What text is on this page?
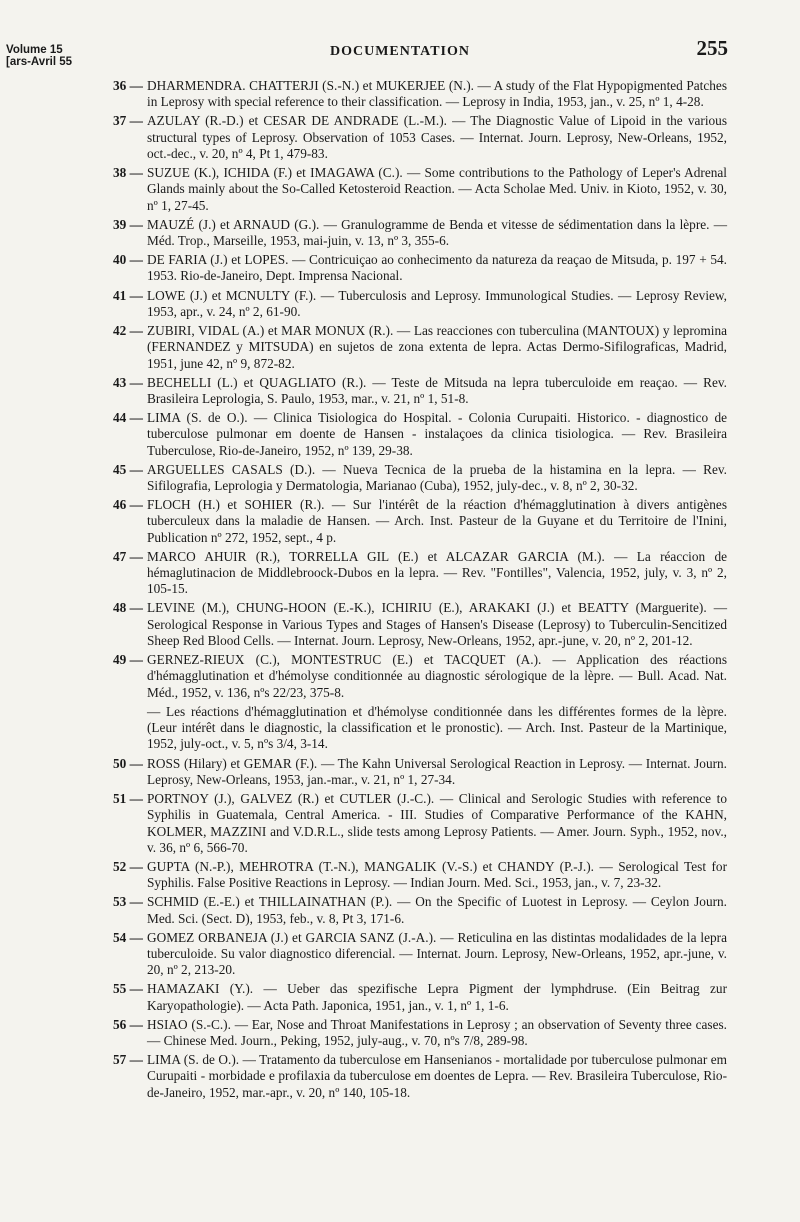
Volume 15
[ars-Avril 55
DOCUMENTATION	255
36 — DHARMENDRA. CHATTERJI (S.-N.) et MUKERJEE (N.). — A study of the Flat Hypopigmented Patches in Leprosy with special reference to their classification. — Leprosy in India, 1953, jan., v. 25, nº 1, 4-28.
37 — AZULAY (R.-D.) et CESAR DE ANDRADE (L.-M.). — The Diagnostic Value of Lipoid in the various structural types of Leprosy. Observation of 1053 Cases. — Internat. Journ. Leprosy, New-Orleans, 1952, oct.-dec., v. 20, nº 4, Pt 1, 479-83.
38 — SUZUE (K.), ICHIDA (F.) et IMAGAWA (C.). — Some contributions to the Pathology of Leper's Adrenal Glands mainly about the So-Called Ketosteroid Reaction. — Acta Scholae Med. Univ. in Kioto, 1952, v. 30, nº 1, 27-45.
39 — MAUZÉ (J.) et ARNAUD (G.). — Granulogramme de Benda et vitesse de sédimentation dans la lèpre. — Méd. Trop., Marseille, 1953, mai-juin, v. 13, nº 3, 355-6.
40 — DE FARIA (J.) et LOPES. — Contricuiçao ao conhecimento da natureza da reaçao de Mitsuda, p. 197 + 54. 1953. Rio-de-Janeiro, Dept. Imprensa Nacional.
41 — LOWE (J.) et MCNULTY (F.). — Tuberculosis and Leprosy. Immunological Studies. — Leprosy Review, 1953, apr., v. 24, nº 2, 61-90.
42 — ZUBIRI, VIDAL (A.) et MAR MONUX (R.). — Las reacciones con tuberculina (MANTOUX) y lepromina (FERNANDEZ y MITSUDA) en sujetos de zona extenta de lepra. Actas Dermo-Sifilograficas, Madrid, 1951, june 42, nº 9, 872-82.
43 — BECHELLI (L.) et QUAGLIATO (R.). — Teste de Mitsuda na lepra tuberculoide em reaçao. — Rev. Brasileira Leprologia, S. Paulo, 1953, mar., v. 21, nº 1, 51-8.
44 — LIMA (S. de O.). — Clinica Tisiologica do Hospital. - Colonia Curupaiti. Historico. - diagnostico de tuberculose pulmonar em doente de Hansen - instalaçoes da clinica tisiologica. — Rev. Brasileira Tuberculose, Rio-de-Janeiro, 1952, nº 139, 29-38.
45 — ARGUELLES CASALS (D.). — Nueva Tecnica de la prueba de la histamina en la lepra. — Rev. Sifilografia, Leprologia y Dermatologia, Marianao (Cuba), 1952, july-dec., v. 8, nº 2, 30-32.
46 — FLOCH (H.) et SOHIER (R.). — Sur l'intérêt de la réaction d'hémagglutination à divers antigènes tuberculeux dans la maladie de Hansen. — Arch. Inst. Pasteur de la Guyane et du Territoire de l'Inini, Publication nº 272, 1952, sept., 4 p.
47 — MARCO AHUIR (R.), TORRELLA GIL (E.) et ALCAZAR GARCIA (M.). — La réaccion de hémaglutinacion de Middlebroock-Dubos en la lepra. — Rev. "Fontilles", Valencia, 1952, july, v. 3, nº 2, 105-15.
48 — LEVINE (M.), CHUNG-HOON (E.-K.), ICHIRIU (E.), ARAKAKI (J.) et BEATTY (Marguerite). — Serological Response in Various Types and Stages of Hansen's Disease (Leprosy) to Tuberculin-Sencitized Sheep Red Blood Cells. — Internat. Journ. Leprosy, New-Orleans, 1952, apr.-june, v. 20, nº 2, 201-12.
49 — GERNEZ-RIEUX (C.), MONTESTRUC (E.) et TACQUET (A.). — Application des réactions d'hémagglutination et d'hémolyse conditionnée au diagnostic sérologique de la lèpre. — Bull. Acad. Nat. Méd., 1952, v. 136, nºs 22/23, 375-8.
— Les réactions d'hémagglutination et d'hémolyse conditionnée dans les différentes formes de la lèpre. (Leur intérêt dans le diagnostic, la classification et le pronostic). — Arch. Inst. Pasteur de la Martinique, 1952, july-oct., v. 5, nºs 3/4, 3-14.
50 — ROSS (Hilary) et GEMAR (F.). — The Kahn Universal Serological Reaction in Leprosy. — Internat. Journ. Leprosy, New-Orleans, 1953, jan.-mar., v. 21, nº 1, 27-34.
51 — PORTNOY (J.), GALVEZ (R.) et CUTLER (J.-C.). — Clinical and Serologic Studies with reference to Syphilis in Guatemala, Central America. - III. Studies of Comparative Performance of the KAHN, KOLMER, MAZZINI and V.D.R.L., slide tests among Leprosy Patients. — Amer. Journ. Syph., 1952, nov., v. 36, nº 6, 566-70.
52 — GUPTA (N.-P.), MEHROTRA (T.-N.), MANGALIK (V.-S.) et CHANDY (P.-J.). — Serological Test for Syphilis. False Positive Reactions in Leprosy. — Indian Journ. Med. Sci., 1953, jan., v. 7, 23-32.
53 — SCHMID (E.-E.) et THILLAINATHAN (P.). — On the Specific of Luotest in Leprosy. — Ceylon Journ. Med. Sci. (Sect. D), 1953, feb., v. 8, Pt 3, 171-6.
54 — GOMEZ ORBANEJA (J.) et GARCIA SANZ (J.-A.). — Reticulina en las distintas modalidades de la lepra tuberculoide. Su valor diagnostico diferencial. — Internat. Journ. Leprosy, New-Orleans, 1952, apr.-june, v. 20, nº 2, 213-20.
55 — HAMAZAKI (Y.). — Ueber das spezifische Lepra Pigment der lymphdruse. (Ein Beitrag zur Karyopathologie). — Acta Path. Japonica, 1951, jan., v. 1, nº 1, 1-6.
56 — HSIAO (S.-C.). — Ear, Nose and Throat Manifestations in Leprosy ; an observation of Seventy three cases. — Chinese Med. Journ., Peking, 1952, july-aug., v. 70, nºs 7/8, 289-98.
57 — LIMA (S. de O.). — Tratamento da tuberculose em Hansenianos - mortalidade por tuberculose pulmonar em Curupaiti - morbidade e profilaxia da tuberculose em doentes de Lepra. — Rev. Brasileira Tuberculose, Rio-de-Janeiro, 1952, mar.-apr., v. 20, nº 140, 105-18.
